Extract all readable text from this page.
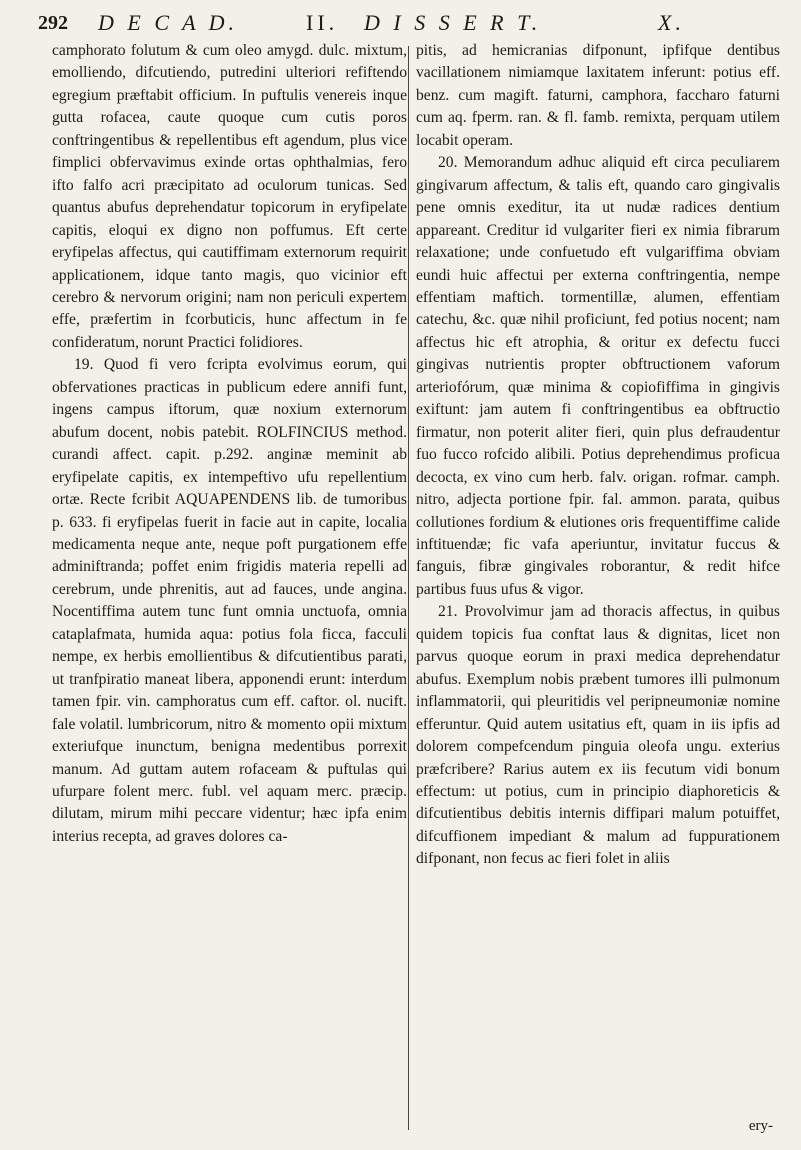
292 D E C A D.	II. D I S S E R T.	X.

camphorato folutum & cum oleo amygd. dulc. mixtum, emolliendo, difcutiendo, putredini ulteriori refiftendo egregium præftabit officium. In puftulis venereis inque gutta rofacea, caute quoque cum cutis poros conftringentibus & repellentibus eft agendum, plus vice fimplici obfervavimus exinde ortas ophthalmias, fero ifto falfo acri præcipitato ad oculorum tunicas. Sed quantus abufus deprehendatur topicorum in eryfipelate capitis, eloqui ex digno non poffumus. Eft certe eryfipelas affectus, qui cautiffimam externorum requirit applicationem, idque tanto magis, quo vicinior eft cerebro & nervorum origini; nam non periculi expertem effe, præfertim in fcorbuticis, hunc affectum in fe confideratum, norunt Practici folidiores.

19. Quod fi vero fcripta evolvimus eorum, qui obfervationes practicas in publicum edere annifi funt, ingens campus iftorum, quæ noxium externorum abufum docent, nobis patebit. ROLFINCIUS method. curandi affect. capit. p.292. anginæ meminit ab eryfipelate capitis, ex intempeftivo ufu repellentium ortæ. Recte fcribit AQUAPENDENS lib. de tumoribus p. 633. fi eryfipelas fuerit in facie aut in capite, localia medicamenta neque ante, neque poft purgationem effe adminiftranda; poffet enim frigidis materia repelli ad cerebrum, unde phrenitis, aut ad fauces, unde angina. Nocentiffima autem tunc funt omnia unctuofa, omnia cataplafmata, humida aqua: potius fola ficca, facculi nempe, ex herbis emollientibus & difcutientibus parati, ut tranfpiratio maneat libera, apponendi erunt: interdum tamen fpir. vin. camphoratus cum eff. caftor. ol. nucift. fale volatil. lumbricorum, nitro & momento opii mixtum exteriufque inunctum, benigna medentibus porrexit manum. Ad guttam autem rofaceam & puftulas qui ufurpare folent merc. fubl. vel aquam merc. præcip. dilutam, mirum mihi peccare videntur; hæc ipfa enim interius recepta, ad graves dolores ca-

pitis, ad hemicranias difponunt, ipfifque dentibus vacillationem nimiamque laxitatem inferunt: potius eff. benz. cum magift. faturni, camphora, faccharo faturni cum aq. fperm. ran. & fl. famb. remixta, perquam utilem locabit operam.

20. Memorandum adhuc aliquid eft circa peculiarem gingivarum affectum, & talis eft, quando caro gingivalis pene omnis exeditur, ita ut nudæ radices dentium appareant. Creditur id vulgariter fieri ex nimia fibrarum relaxatione; unde confuetudo eft vulgariffima obviam eundi huic affectui per externa conftringentia, nempe effentiam maftich. tormentillæ, alumen, effentiam catechu, &c. quæ nihil proficiunt, fed potius nocent; nam affectus hic eft atrophia, & oritur ex defectu fucci gingivas nutrientis propter obftructionem vaforum arteriofórum, quæ minima & copiofiffima in gingivis exiftunt: jam autem fi conftringentibus ea obftructio firmatur, non poterit aliter fieri, quin plus defraudentur fuo fucco rofcido alibili. Potius deprehendimus proficua decocta, ex vino cum herb. falv. origan. rofmar. camph. nitro, adjecta portione fpir. fal. ammon. parata, quibus collutiones fordium & elutiones oris frequentiffime calide inftituendæ; fic vafa aperiuntur, invitatur fuccus & fanguis, fibræ gingivales roborantur, & redit hifce partibus fuus ufus & vigor.

21. Provolvimur jam ad thoracis affectus, in quibus quidem topicis fua conftat laus & dignitas, licet non parvus quoque eorum in praxi medica deprehendatur abufus. Exemplum nobis præbent tumores illi pulmonum inflammatorii, qui pleuritidis vel peripneumoniæ nomine efferuntur. Quid autem usitatius eft, quam in iis ipfis ad dolorem compefcendum pinguia oleofa ungu. exterius præfcribere? Rarius autem ex iis fecutum vidi bonum effectum: ut potius, cum in principio diaphoreticis & difcutientibus debitis internis diffipari malum potuiffet, difcuffionem impediant & malum ad fuppurationem difponant, non fecus ac fieri folet in aliis

ery-
